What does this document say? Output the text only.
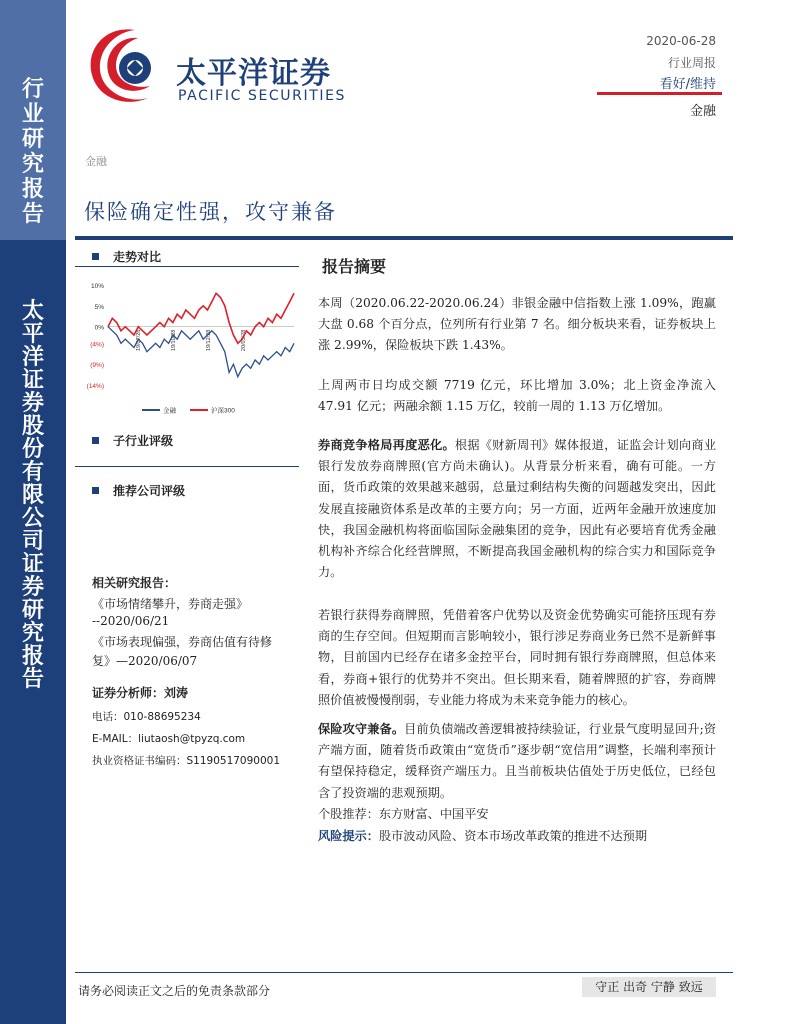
行
业
研
究
报
告
太
平
洋
证
券
股
份
有
限
公
司
证
券
研
究
报
告
太平洋证券
PACIFIC SECURITIES
2020-06-28
行业周报
看好/维持
金融
金融
保险确定性强，攻守兼备
走势对比
10%
5%
0%
(4%)
(9%)
(14%)
19/07/28	19/10/28	19/12/28	20/03/28
金融	沪深300
子行业评级
推荐公司评级
相关研究报告：
《市场情绪攀升，券商走强》
--2020/06/21
《市场表现偏强，券商估值有待修
复》—2020/06/07
证券分析师：刘涛
电话：010-88695234
E-MAIL：liutaosh@tpyzq.com
执业资格证书编码：S1190517090001
报告摘要
本周（2020.06.22-2020.06.24）非银金融中信指数上涨 1.09%，跑赢大盘 0.68 个百分点，位列所有行业第 7 名。细分板块来看，证券板块上涨 2.99%，保险板块下跌 1.43%。
上周两市日均成交额 7719 亿元，环比增加 3.0%；北上资金净流入 47.91 亿元；两融余额 1.15 万亿，较前一周的 1.13 万亿增加。
券商竞争格局再度恶化。根据《财新周刊》媒体报道，证监会计划向商业银行发放券商牌照(官方尚未确认)。从背景分析来看，确有可能。一方面，货币政策的效果越来越弱，总量过剩结构失衡的问题越发突出，因此发展直接融资体系是改革的主要方向；另一方面，近两年金融开放速度加快，我国金融机构将面临国际金融集团的竞争，因此有必要培育优秀金融机构补齐综合化经营牌照，不断提高我国金融机构的综合实力和国际竞争力。
若银行获得券商牌照，凭借着客户优势以及资金优势确实可能挤压现有券商的生存空间。但短期而言影响较小，银行涉足券商业务已然不是新鲜事物，目前国内已经存在诸多金控平台，同时拥有银行券商牌照，但总体来看，券商+银行的优势并不突出。但长期来看，随着牌照的扩容，券商牌照价值被慢慢削弱，专业能力将成为未来竞争能力的核心。
保险攻守兼备。目前负债端改善逻辑被持续验证，行业景气度明显回升;资产端方面，随着货币政策由“宽货币”逐步朝“宽信用”调整，长端利率预计有望保持稳定，缓释资产端压力。且当前板块估值处于历史低位，已经包含了投资端的悲观预期。
个股推荐：东方财富、中国平安
风险提示：股市波动风险、资本市场改革政策的推进不达预期
请务必阅读正文之后的免责条款部分	守正 出奇 宁静 致远
